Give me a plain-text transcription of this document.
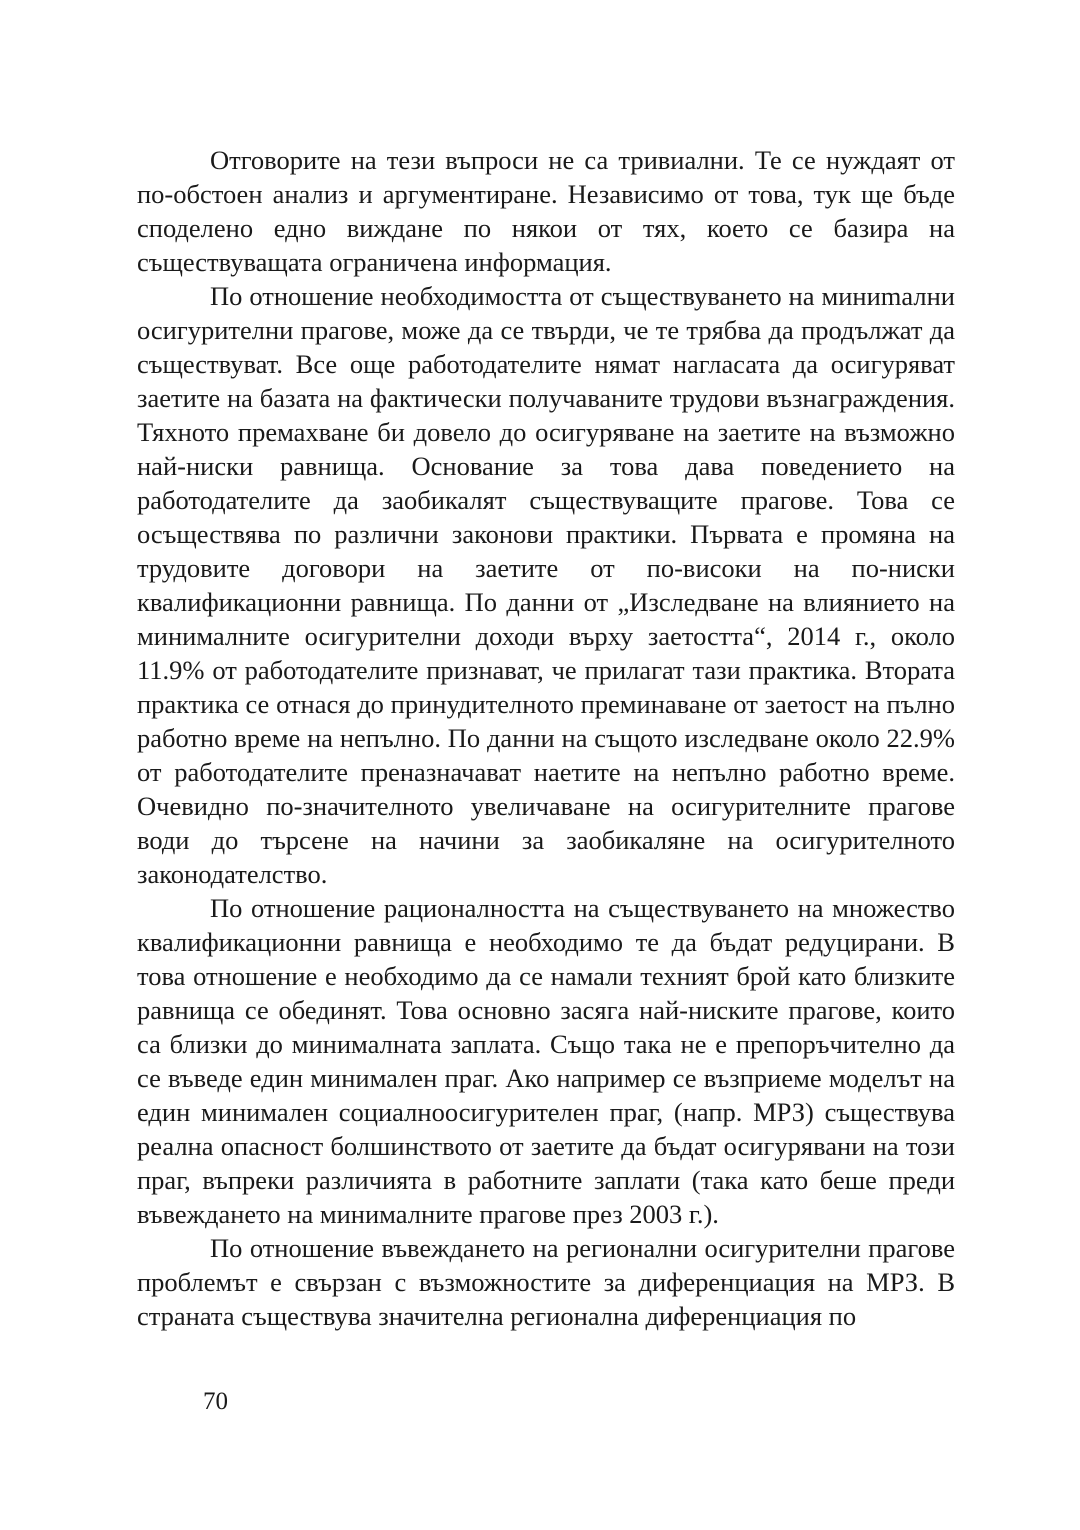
Отговорите на тези въпроси не са тривиални. Те се нуждаят от по-обстоен анализ и аргументиране. Независимо от това, тук ще бъде споделено едно виждане по някои от тях, което се базира на съществуващата ограничена информация.

По отношение необходимостта от съществуването на миниmални осигурителни прагове, може да се твърди, че те трябва да продължат да съществуват. Все още работодателите нямат нагласата да осигуряват заетите на базата на фактически получаваните трудови възнаграждения. Тяхното премахване би довело до осигуряване на заетите на възможно най-ниски равнища. Основание за това дава поведението на работодателите да заобикалят съществуващите прагове. Това се осъществява по различни законови практики. Първата е промяна на трудовите договори на заетите от по-високи на по-ниски квалификационни равнища. По данни от „Изследване на влиянието на минималните осигурителни доходи върху заетостта“, 2014 г., около 11.9% от работодателите признават, че прилагат тази практика. Втората практика се отнася до принудителното преминаване от заетост на пълно работно време на непълно. По данни на същото изследване около 22.9% от работодателите преназначават наетите на непълно работно време. Очевидно по-значителното увеличаване на осигурителните прагове води до търсене на начини за заобикаляне на осигурителното законодателство.

По отношение рационалността на съществуването на множество квалификационни равнища е необходимо те да бъдат редуцирани. В това отношение е необходимо да се намали техният брой като близките равнища се обединят. Това основно засяга най-ниските прагове, които са близки до минималната заплата. Също така не е препоръчително да се въведе един минимален праг. Ако например се възприеме моделът на един минимален социалноосигурителен праг, (напр. МРЗ) съществува реална опасност болшинството от заетите да бъдат осигурявани на този праг, въпреки различията в работните заплати (така като беше преди въвеждането на минималните прагове през 2003 г.).

По отношение въвеждането на регионални осигурителни прагове проблемът е свързан с възможностите за диференциация на МРЗ. В страната съществува значителна регионална диференциация по

70
